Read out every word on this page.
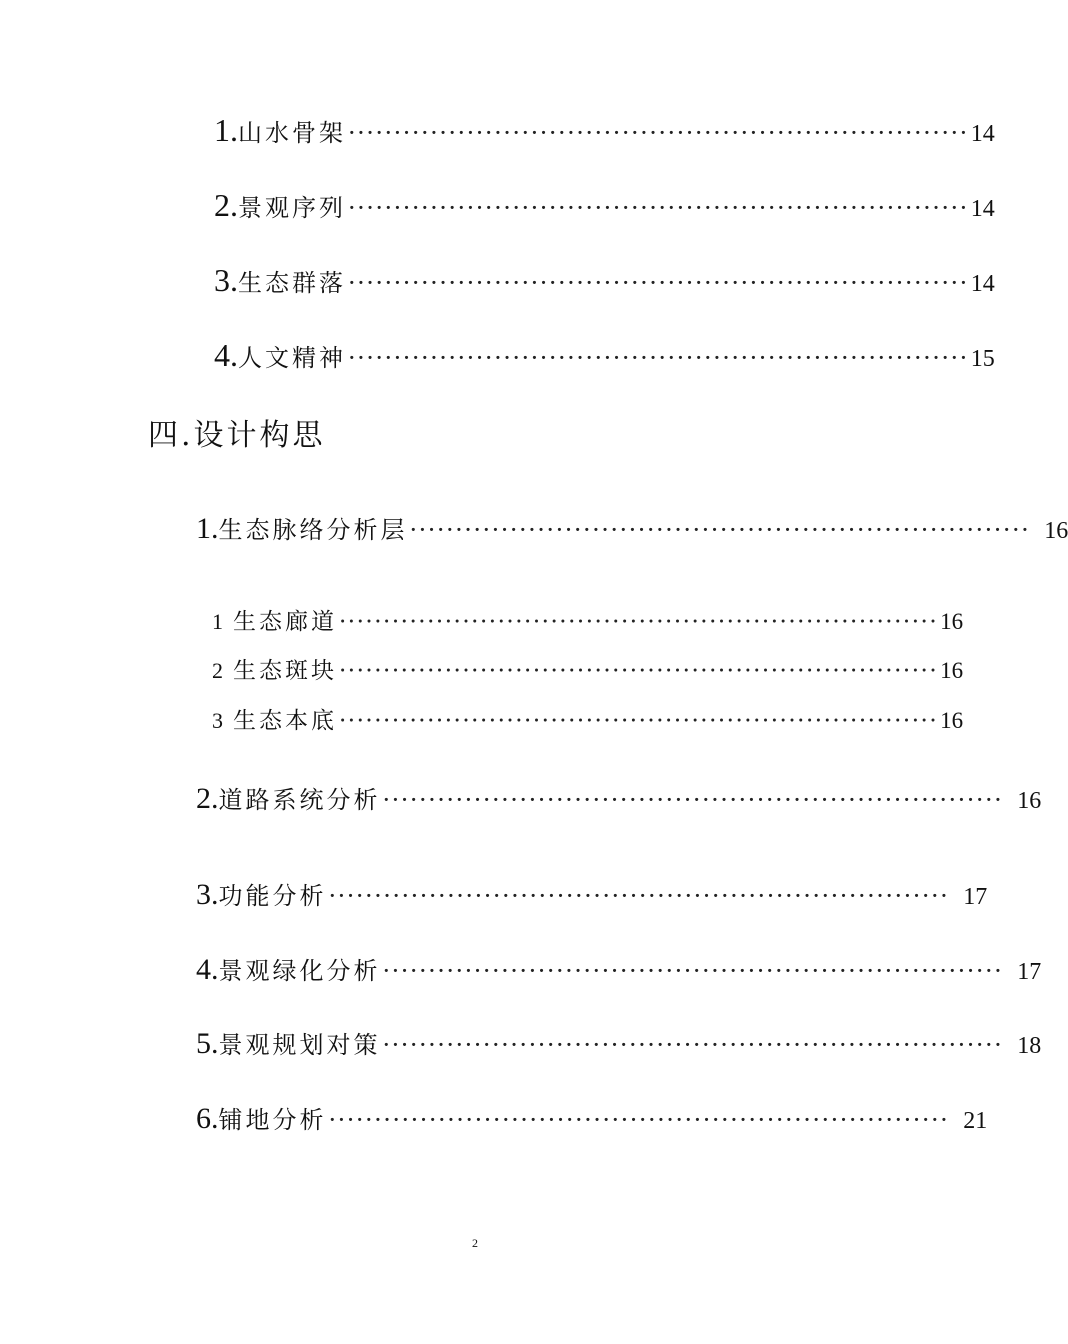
1. 山水骨架 ···································································· 14
2. 景观序列 ···································································· 14
3. 生态群落 ···································································· 14
4. 人文精神 ···································································· 15
四.设计构思
1. 生态脉络分析层 ···································································· 16
1 生态廊道 ···································································· 16
2 生态斑块 ···································································· 16
3 生态本底 ···································································· 16
2. 道路系统分析 ···································································· 16
3. 功能分析 ···································································· 17
4. 景观绿化分析 ···································································· 17
5. 景观规划对策 ···································································· 18
6. 铺地分析 ···································································· 21
2
